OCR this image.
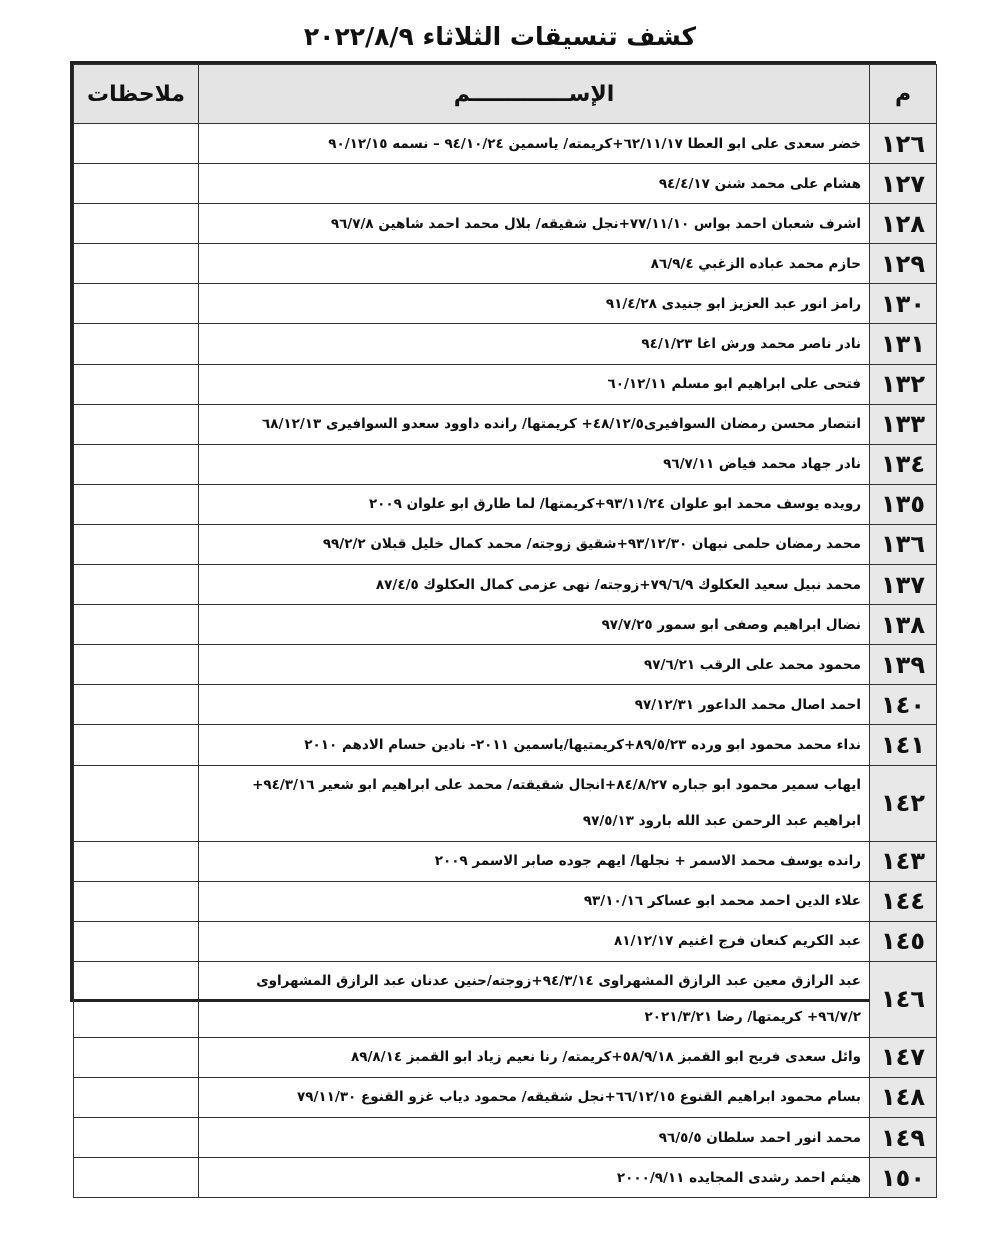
كشف تنسيقات الثلاثاء ٢٠٢٢/٨/٩
م	الإســـــــــــــم	ملاحظات
١٢٦	خضر سعدى على ابو العطا ٦٢/١١/١٧+كريمته/ ياسمين ٩٤/١٠/٢٤ – نسمه ٩٠/١٢/١٥	
١٢٧	هشام على محمد شنن ٩٤/٤/١٧	
١٢٨	اشرف شعبان احمد بواس ٧٧/١١/١٠+نجل شقيقه/ بلال محمد احمد شاهين ٩٦/٧/٨	
١٢٩	حازم محمد عباده الزغبي ٨٦/٩/٤	
١٣٠	رامز انور عبد العزيز ابو جنيدى ٩١/٤/٢٨	
١٣١	نادر ناصر محمد ورش اغا ٩٤/١/٢٣	
١٣٢	فتحى على ابراهيم ابو مسلم ٦٠/١٢/١١	
١٣٣	انتصار محسن رمضان السوافيرى٤٨/١٢/٥+ كريمتها/ رانده داوود سعدو السوافيرى ٦٨/١٢/١٣	
١٣٤	نادر جهاد محمد فياض ٩٦/٧/١١	
١٣٥	رويده يوسف محمد ابو علوان ٩٣/١١/٢٤+كريمتها/ لما طارق ابو علوان ٢٠٠٩	
١٣٦	محمد رمضان حلمى نبهان ٩٣/١٢/٣٠+شقيق زوجته/ محمد كمال خليل قبلان ٩٩/٢/٢	
١٣٧	محمد نبيل سعيد العكلوك ٧٩/٦/٩+زوجته/ نهى عزمى كمال العكلوك ٨٧/٤/٥	
١٣٨	نضال ابراهيم وصفى ابو سمور ٩٧/٧/٢٥	
١٣٩	محمود محمد على الرقب ٩٧/٦/٢١	
١٤٠	احمد اصال محمد الداعور ٩٧/١٢/٣١	
١٤١	نداء محمد محمود ابو ورده ٨٩/٥/٢٣+كريمتيها/ياسمين ٢٠١١- نادين حسام الادهم ٢٠١٠	
١٤٢	ايهاب سمير محمود ابو جباره ٨٤/٨/٢٧+انجال شقيقته/ محمد على ابراهيم ابو شعير ٩٤/٣/١٦+ ابراهيم عبد الرحمن عبد الله بارود ٩٧/٥/١٣	
١٤٣	رانده يوسف محمد الاسمر + نجلها/ ايهم جوده صابر الاسمر ٢٠٠٩	
١٤٤	علاء الدين احمد محمد ابو عساكر ٩٣/١٠/١٦	
١٤٥	عبد الكريم كنعان فرج اغنيم ٨١/١٢/١٧	
١٤٦	عبد الرازق معين عبد الرازق المشهراوى ٩٤/٣/١٤+زوجته/حنين عدنان عبد الرازق المشهراوى ٩٦/٧/٢+ كريمتها/ رضا ٢٠٢١/٣/٢١	
١٤٧	وائل سعدى فريح ابو القمبز ٥٨/٩/١٨+كريمته/ رنا نعيم زياد ابو القمبز ٨٩/٨/١٤	
١٤٨	بسام محمود ابراهيم القنوع ٦٦/١٢/١٥+نجل شقيقه/ محمود دياب غزو القنوع ٧٩/١١/٣٠	
١٤٩	محمد انور احمد سلطان ٩٦/٥/٥	
١٥٠	هيثم احمد رشدى المجايده ٢٠٠٠/٩/١١	
